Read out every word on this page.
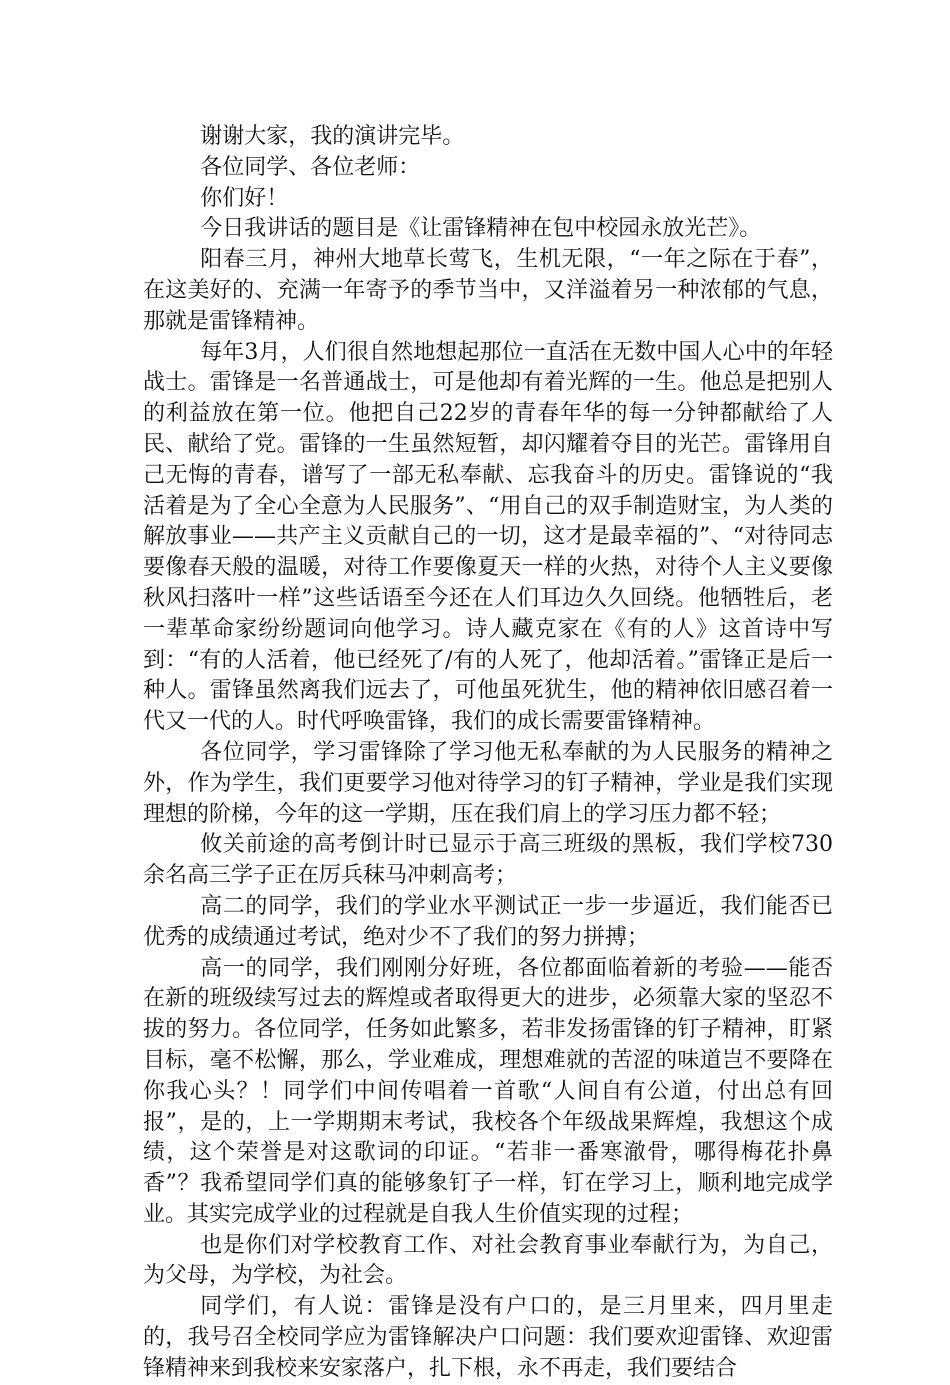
谢谢大家，我的演讲完毕。

各位同学、各位老师：

你们好！

今日我讲话的题目是《让雷锋精神在包中校园永放光芒》。

阳春三月，神州大地草长莺飞，生机无限，“一年之际在于春”，在这美好的、充满一年寄予的季节当中，又洋溢着另一种浓郁的气息，那就是雷锋精神。

每年3月，人们很自然地想起那位一直活在无数中国人心中的年轻战士。雷锋是一名普通战士，可是他却有着光辉的一生。他总是把别人的利益放在第一位。他把自己22岁的青春年华的每一分钟都献给了人民、献给了党。雷锋的一生虽然短暂，却闪耀着夺目的光芒。雷锋用自己无悔的青春，谱写了一部无私奉献、忘我奋斗的历史。雷锋说的“我活着是为了全心全意为人民服务”、“用自己的双手制造财宝，为人类的解放事业——共产主义贡献自己的一切，这才是最幸福的”、“对待同志要像春天般的温暖，对待工作要像夏天一样的火热，对待个人主义要像秋风扫落叶一样”这些话语至今还在人们耳边久久回绕。他牺牲后，老一辈革命家纷纷题词向他学习。诗人藏克家在《有的人》这首诗中写到：“有的人活着，他已经死了/有的人死了，他却活着。”雷锋正是后一种人。雷锋虽然离我们远去了，可他虽死犹生，他的精神依旧感召着一代又一代的人。时代呼唤雷锋，我们的成长需要雷锋精神。

各位同学，学习雷锋除了学习他无私奉献的为人民服务的精神之外，作为学生，我们更要学习他对待学习的钉子精神，学业是我们实现理想的阶梯，今年的这一学期，压在我们肩上的学习压力都不轻；

攸关前途的高考倒计时已显示于高三班级的黑板，我们学校730余名高三学子正在厉兵秣马冲刺高考；

高二的同学，我们的学业水平测试正一步一步逼近，我们能否已优秀的成绩通过考试，绝对少不了我们的努力拼搏；

高一的同学，我们刚刚分好班，各位都面临着新的考验——能否在新的班级续写过去的辉煌或者取得更大的进步，必须靠大家的坚忍不拔的努力。各位同学，任务如此繁多，若非发扬雷锋的钉子精神，盯紧目标，毫不松懈，那么，学业难成，理想难就的苦涩的味道岂不要降在你我心头？！同学们中间传唱着一首歌“人间自有公道，付出总有回报”，是的，上一学期期末考试，我校各个年级战果辉煌，我想这个成绩，这个荣誉是对这歌词的印证。“若非一番寒澈骨，哪得梅花扑鼻香”？我希望同学们真的能够象钉子一样，钉在学习上，顺利地完成学业。其实完成学业的过程就是自我人生价值实现的过程；

也是你们对学校教育工作、对社会教育事业奉献行为，为自己，为父母，为学校，为社会。

同学们，有人说：雷锋是没有户口的，是三月里来，四月里走的，我号召全校同学应为雷锋解决户口问题：我们要欢迎雷锋、欢迎雷锋精神来到我校来安家落户，扎下根，永不再走，我们要结合
